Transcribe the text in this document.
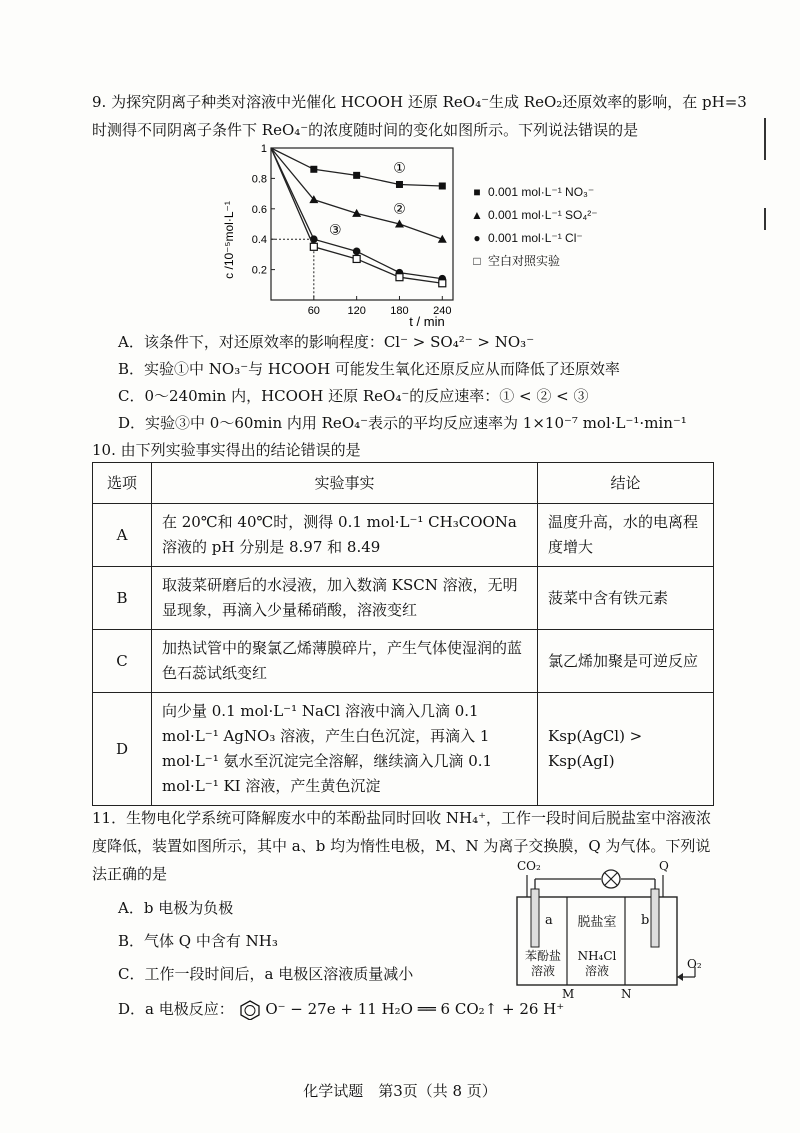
9. 为探究阴离子种类对溶液中光催化 HCOOH 还原 ReO₄⁻生成 ReO₂还原效率的影响，在 pH=3
时测得不同阴离子条件下 ReO₄⁻的浓度随时间的变化如图所示。下列说法错误的是
c /10⁻⁵mol·L⁻¹
t / min
1
0.8
0.6
0.4
0.2
60	120 180 240
①
②
③
■ 0.001 mol·L⁻¹ NO₃⁻
▲ 0.001 mol·L⁻¹ SO₄²⁻
● 0.001 mol·L⁻¹ Cl⁻
□ 空白对照实验
A．该条件下，对还原效率的影响程度：Cl⁻ > SO₄²⁻ > NO₃⁻
B．实验①中 NO₃⁻与 HCOOH 可能发生氧化还原反应从而降低了还原效率
C．0～240min 内，HCOOH 还原 ReO₄⁻的反应速率：① < ② < ③
D．实验③中 0～60min 内用 ReO₄⁻表示的平均反应速率为 1×10⁻⁷ mol·L⁻¹·min⁻¹
10. 由下列实验事实得出的结论错误的是
选项	实验事实	结论
A	在 20℃和 40℃时，测得 0.1 mol·L⁻¹ CH₃COONa 溶液的 pH 分别是 8.97 和 8.49	温度升高，水的电离程度增大
B	取菠菜研磨后的水浸液，加入数滴 KSCN 溶液，无明显现象，再滴入少量稀硝酸，溶液变红	菠菜中含有铁元素
C	加热试管中的聚氯乙烯薄膜碎片，产生气体使湿润的蓝色石蕊试纸变红	氯乙烯加聚是可逆反应
D	向少量 0.1 mol·L⁻¹ NaCl 溶液中滴入几滴 0.1 mol·L⁻¹ AgNO₃ 溶液，产生白色沉淀，再滴入 1 mol·L⁻¹ 氨水至沉淀完全溶解，继续滴入几滴 0.1 mol·L⁻¹ KI 溶液，产生黄色沉淀	Ksp(AgCl) > Ksp(AgI)
11．生物电化学系统可降解废水中的苯酚盐同时回收 NH₄⁺，工作一段时间后脱盐室中溶液浓
度降低，装置如图所示，其中 a、b 均为惰性电极，M、N 为离子交换膜，Q 为气体。下列说
法正确的是
A．b 电极为负极
B．气体 Q 中含有 NH₃
C．工作一段时间后，a 电极区溶液质量减小
D．a 电极反应： O⁻ − 27e + 11 H₂O ══ 6 CO₂↑ + 26 H⁺
CO₂	Q
a	b
脱盐室
苯酚盐
溶液
NH₄Cl
溶液	O₂
M	N
化学试题　第3页（共 8 页）
